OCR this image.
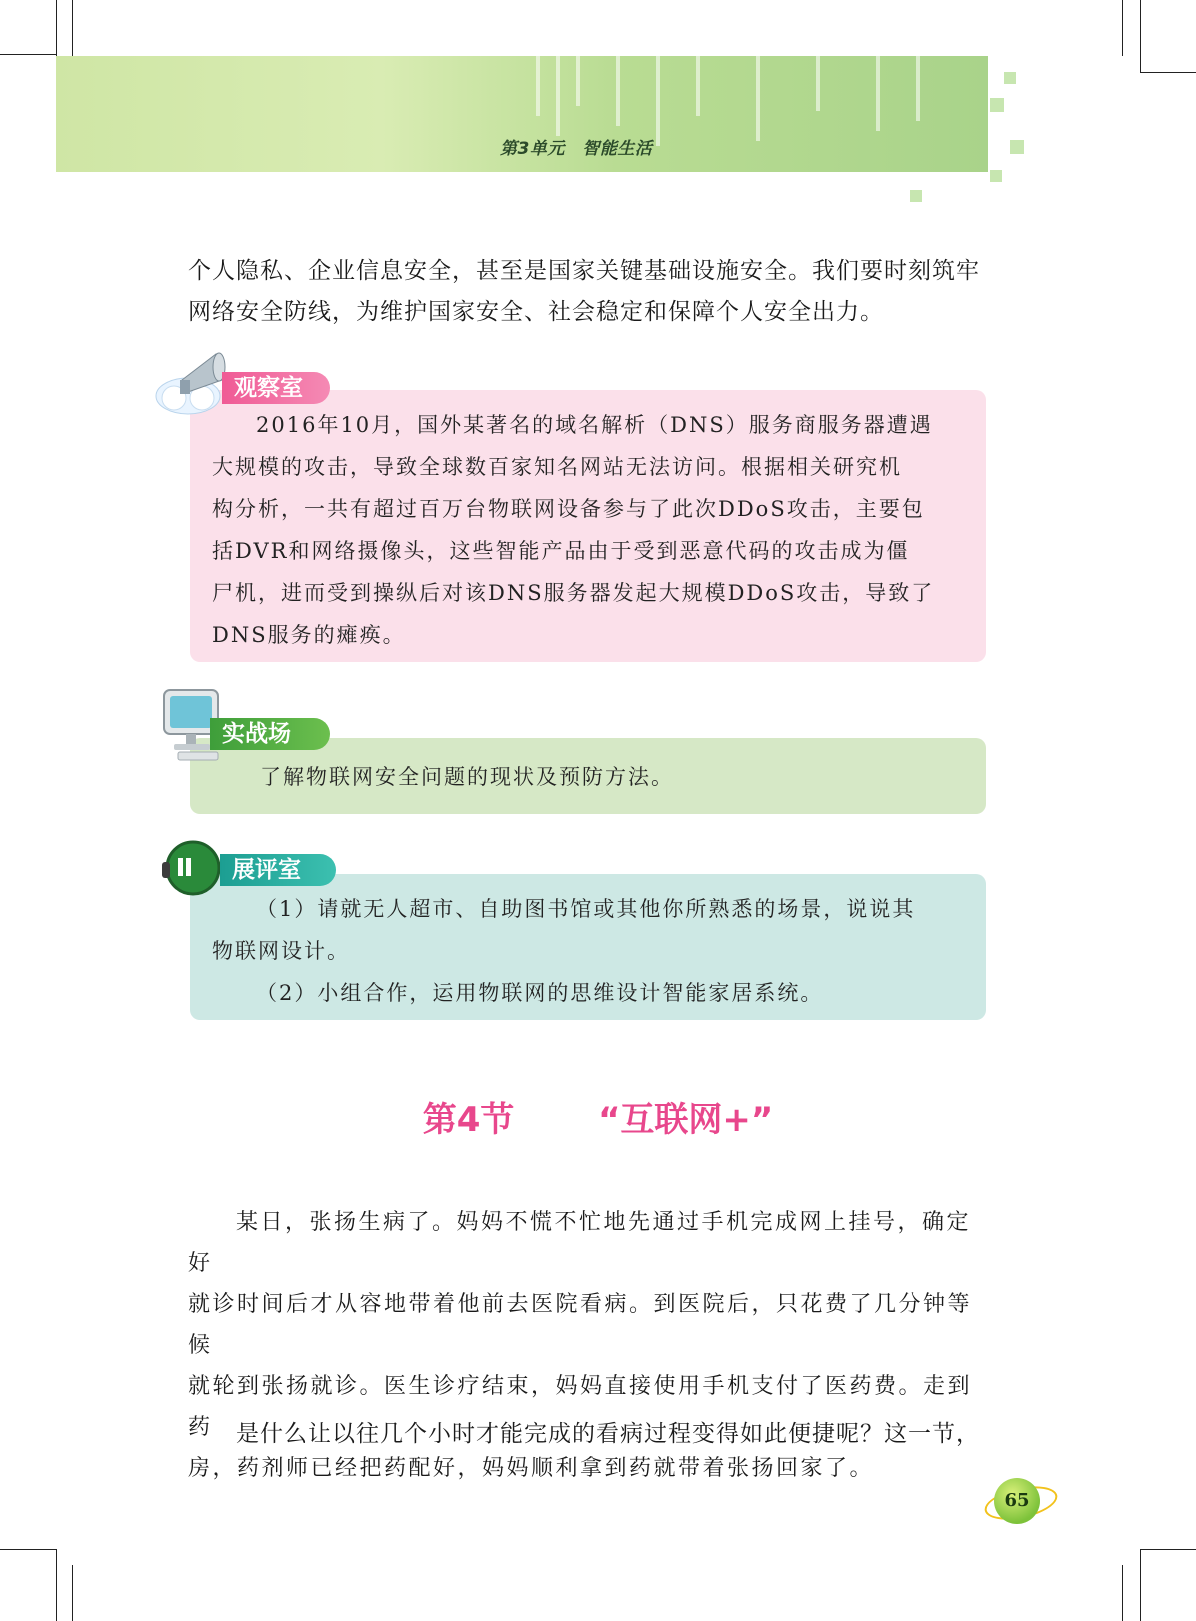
第3单元　智能生活
个人隐私、企业信息安全，甚至是国家关键基础设施安全。我们要时刻筑牢
网络安全防线，为维护国家安全、社会稳定和保障个人安全出力。
2016年10月，国外某著名的域名解析（DNS）服务商服务器遭遇
大规模的攻击，导致全球数百家知名网站无法访问。根据相关研究机
构分析，一共有超过百万台物联网设备参与了此次DDoS攻击，主要包
括DVR和网络摄像头，这些智能产品由于受到恶意代码的攻击成为僵
尸机，进而受到操纵后对该DNS服务器发起大规模DDoS攻击，导致了
DNS服务的瘫痪。
观察室
了解物联网安全问题的现状及预防方法。
实战场
（1）请就无人超市、自助图书馆或其他你所熟悉的场景，说说其
物联网设计。
（2）小组合作，运用物联网的思维设计智能家居系统。
展评室
第4节 “互联网+”
某日，张扬生病了。妈妈不慌不忙地先通过手机完成网上挂号，确定好
就诊时间后才从容地带着他前去医院看病。到医院后，只花费了几分钟等候
就轮到张扬就诊。医生诊疗结束，妈妈直接使用手机支付了医药费。走到药
房，药剂师已经把药配好，妈妈顺利拿到药就带着张扬回家了。
是什么让以往几个小时才能完成的看病过程变得如此便捷呢？这一节，
65
